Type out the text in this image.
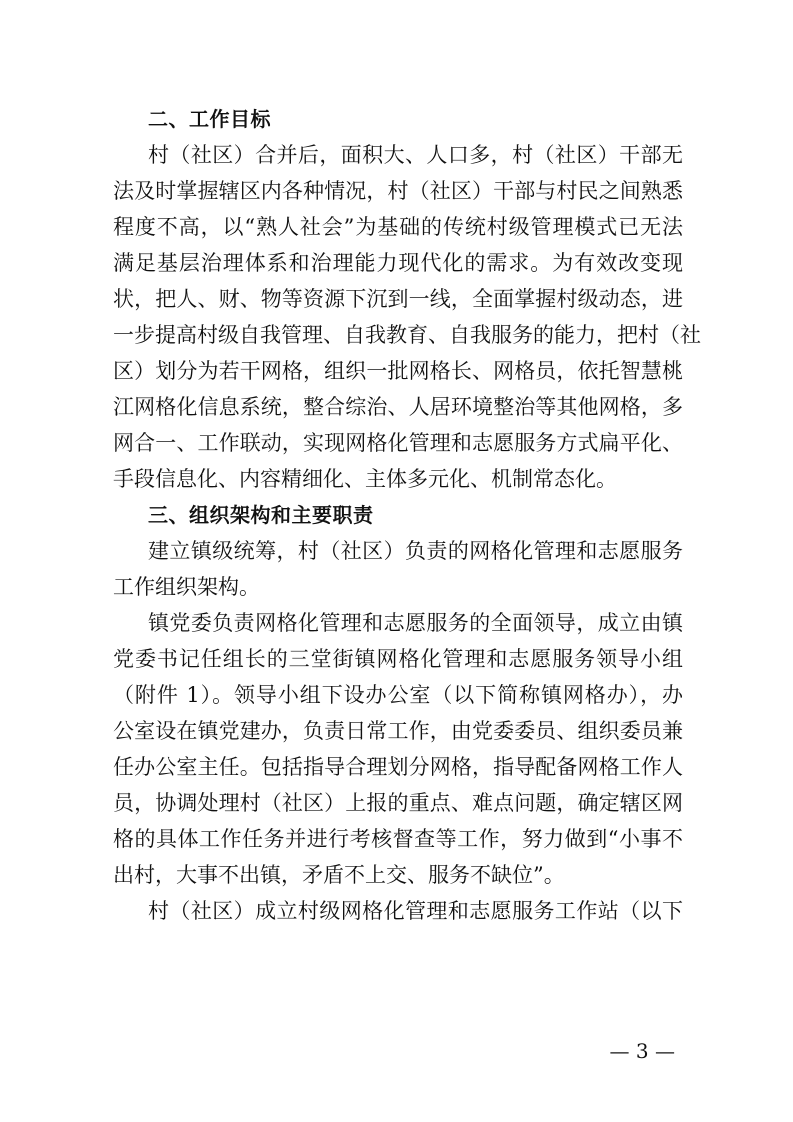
二、工作目标
村（社区）合并后，面积大、人口多，村（社区）干部无
法及时掌握辖区内各种情况，村（社区）干部与村民之间熟悉
程度不高，以“熟人社会”为基础的传统村级管理模式已无法
满足基层治理体系和治理能力现代化的需求。为有效改变现
状，把人、财、物等资源下沉到一线，全面掌握村级动态，进
一步提高村级自我管理、自我教育、自我服务的能力，把村（社
区）划分为若干网格，组织一批网格长、网格员，依托智慧桃
江网格化信息系统，整合综治、人居环境整治等其他网格，多
网合一、工作联动，实现网格化管理和志愿服务方式扁平化、
手段信息化、内容精细化、主体多元化、机制常态化。
三、组织架构和主要职责
建立镇级统筹，村（社区）负责的网格化管理和志愿服务
工作组织架构。
镇党委负责网格化管理和志愿服务的全面领导，成立由镇
党委书记任组长的三堂街镇网格化管理和志愿服务领导小组
（附件 1）。领导小组下设办公室（以下简称镇网格办），办
公室设在镇党建办，负责日常工作，由党委委员、组织委员兼
任办公室主任。包括指导合理划分网格，指导配备网格工作人
员，协调处理村（社区）上报的重点、难点问题，确定辖区网
格的具体工作任务并进行考核督查等工作，努力做到“小事不
出村，大事不出镇，矛盾不上交、服务不缺位”。
村（社区）成立村级网格化管理和志愿服务工作站（以下
— 3 —
